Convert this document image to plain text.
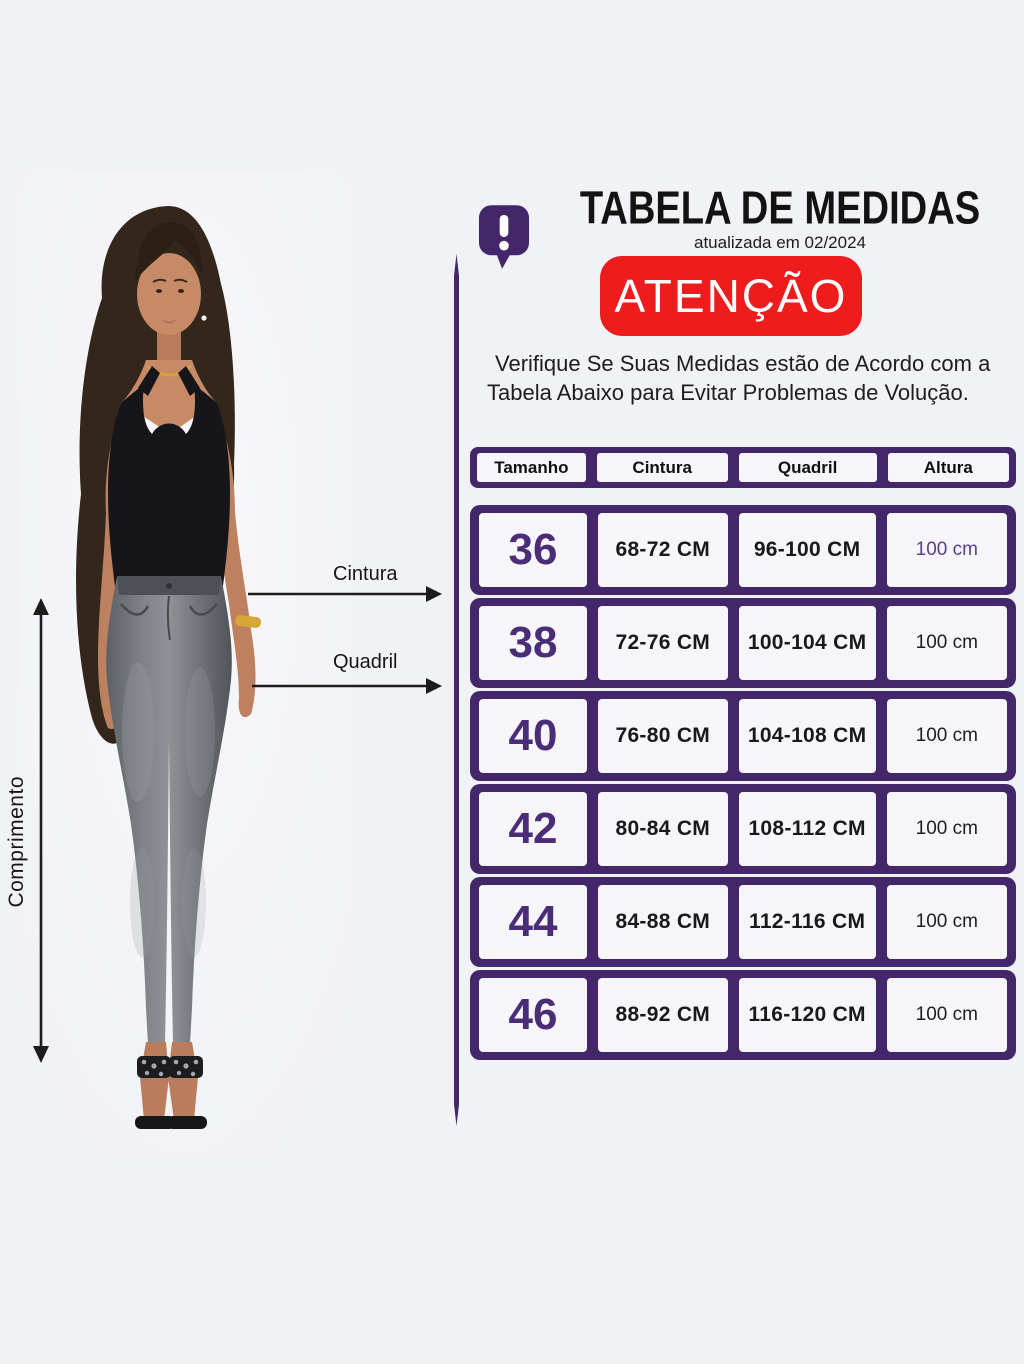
Cintura
Quadril
Comprimento
TABELA DE MEDIDAS
atualizada em 02/2024
ATENÇÃO

Verifique Se Suas Medidas estão de Acordo com a Tabela Abaixo para Evitar Problemas de Volução.

Tamanho	Cintura	Quadril	Altura
36	68-72 CM	96-100 CM	100 cm
38	72-76 CM	100-104 CM	100 cm
40	76-80 CM	104-108 CM	100 cm
42	80-84 CM	108-112 CM	100 cm
44	84-88 CM	112-116 CM	100 cm
46	88-92 CM	116-120 CM	100 cm
